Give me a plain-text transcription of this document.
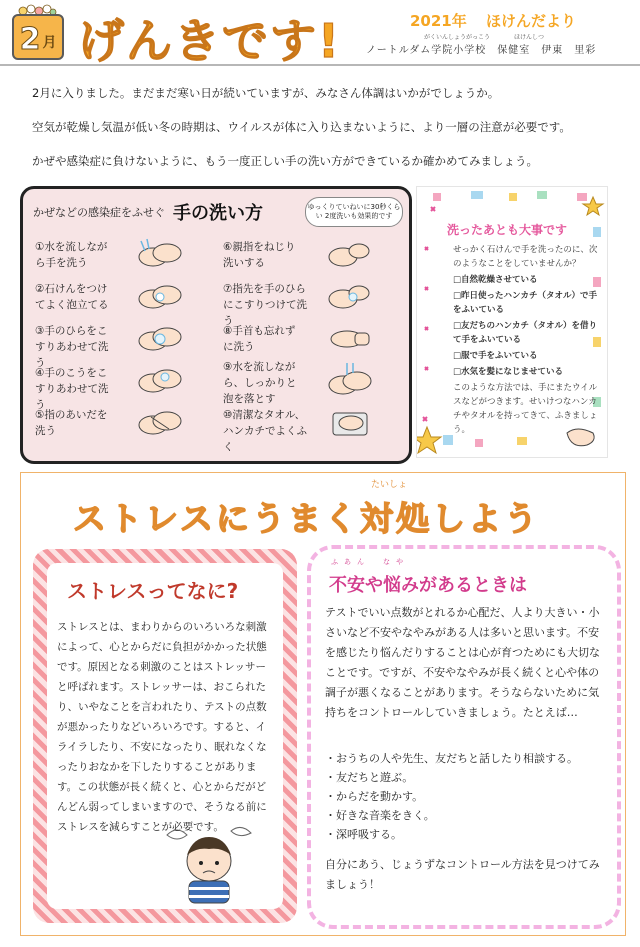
2 月 げんきです!	2021年 ほけんだより
がくいんしょうがっこう	ほけんしつ
ノートルダム学院小学校　保健室　伊東　里彩

2月に入りました。まだまだ寒い日が続いていますが、みなさん体調はいかがでしょうか。

空気が乾燥し気温が低い冬の時期は、ウイルスが体に入り込まないように、より一層の注意が必要です。

かぜや感染症に負けないように、もう一度正しい手の洗い方ができているか確かめてみましょう。

かぜなどの感染症をふせぐ 手の洗い方	ゆっくりていねいに30秒くらい 2度洗いも効果的です
①水を流しながら手を洗う
②石けんをつけてよく泡立てる
③手のひらをこすりあわせて洗う
④手のこうをこすりあわせて洗う
⑤指のあいだを洗う
⑥親指をねじり洗いする
⑦指先を手のひらにこすりつけて洗う
⑧手首も忘れずに洗う
⑨水を流しながら、しっかりと泡を落とす
⑩清潔なタオル、ハンカチでよくふく
洗ったあとも大事です

せっかく石けんで手を洗ったのに、次のようなことをしていませんか？

□自然乾燥させている

□昨日使ったハンカチ（タオル）で手をふいている

□友だちのハンカチ（タオル）を借りて手をふいている

□服で手をふいている

□水気を髪になじませている

このような方法では、手にまたウイルスなどがつきます。せいけつなハンカチやタオルを持ってきて、ふきましょう。

たいしょ
ストレスにうまく対処しよう
ストレスってなに?
ストレスとは、まわりからのいろいろな刺激によって、心とからだに負担がかかった状態です。原因となる刺激のことはストレッサーと呼ばれます。ストレッサーは、おこられたり、いやなことを言われたり、テストの点数が悪かったりなどいろいろです。すると、イライラしたり、不安になったり、眠れなくなったりおなかを下したりすることがあります。この状態が長く続くと、心とからだがどんどん弱ってしまいますので、そうなる前にストレスを減らすことが必要です。
ふあん　なや
不安や悩みがあるときは
テストでいい点数がとれるか心配だ、人より大きい・小さいなど不安やなやみがある人は多いと思います。不安を感じたり悩んだりすることは心が育つためにも大切なことです。ですが、不安やなやみが長く続くと心や体の調子が悪くなることがあります。そうならないために気持ちをコントロールしていきましょう。たとえば…
・おうちの人や先生、友だちと話したり相談する。
・友だちと遊ぶ。
・からだを動かす。
・好きな音楽をきく。
・深呼吸する。
自分にあう、じょうずなコントロール方法を見つけてみましょう！
